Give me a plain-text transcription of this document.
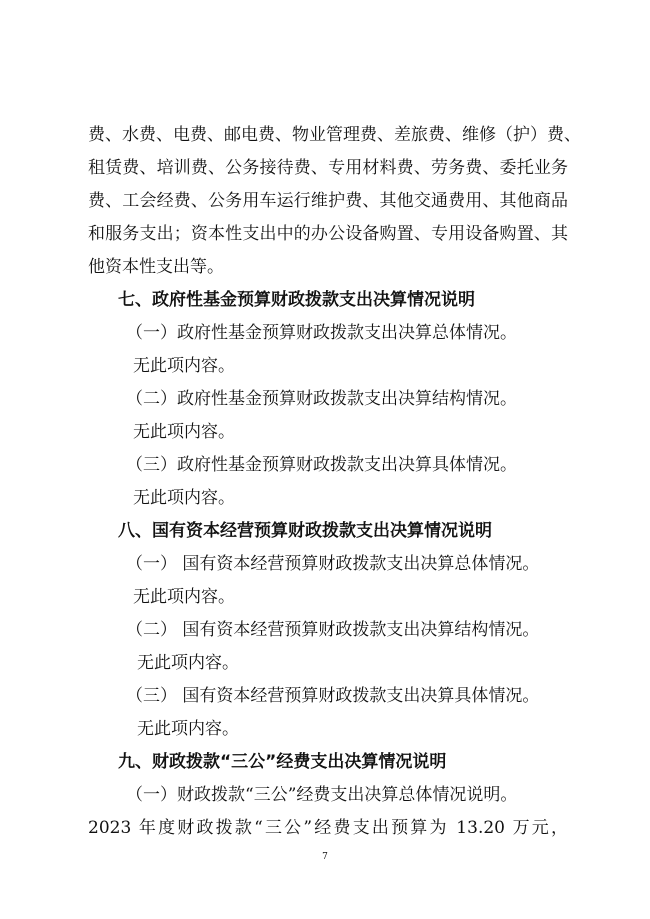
费、水费、电费、邮电费、物业管理费、差旅费、维修（护）费、
租赁费、培训费、公务接待费、专用材料费、劳务费、委托业务
费、工会经费、公务用车运行维护费、其他交通费用、其他商品
和服务支出；资本性支出中的办公设备购置、专用设备购置、其
他资本性支出等。
七、政府性基金预算财政拨款支出决算情况说明
（一）政府性基金预算财政拨款支出决算总体情况。
无此项内容。
（二）政府性基金预算财政拨款支出决算结构情况。
无此项内容。
（三）政府性基金预算财政拨款支出决算具体情况。
无此项内容。
八、国有资本经营预算财政拨款支出决算情况说明
（一） 国有资本经营预算财政拨款支出决算总体情况。
无此项内容。
（二） 国有资本经营预算财政拨款支出决算结构情况。
无此项内容。
（三） 国有资本经营预算财政拨款支出决算具体情况。
无此项内容。
九、财政拨款“三公”经费支出决算情况说明
（一）财政拨款“三公”经费支出决算总体情况说明。
2023 年度财政拨款“三公”经费支出预算为 13.20 万元，
7
